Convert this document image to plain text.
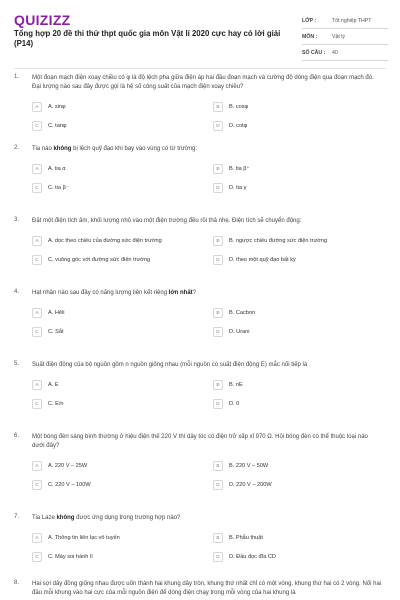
QUIZIZZ
Tổng hợp 20 đề thi thử thpt quốc gia môn Vật lí 2020 cực hay có lời giải (P14)
LỚP :	Tốt nghiệp THPT
MÔN :	Vật lý
SỐ CÂU :	40
1. Một đoạn mạch điện xoay chiều có φ là độ lệch pha giữa điện áp hai đầu đoạn mạch và cường độ dòng điện qua đoạn mạch đó. Đại lượng nào sau đây được gọi là hệ số công suất của mạch điện xoay chiều?
A	A. sinφ	B	B. cosφ
C	C. tanφ	D	D. cotφ
2. Tia nào không bị lệch quỹ đạo khi bay vào vùng có từ trường:
A	A. tia α	B	B. tia β⁺
C	C. tia β⁻	D	D. tia γ
3. Đặt một điện tích âm, khối lượng nhỏ vào một điện trường đều rồi thả nhẹ. Điện tích sẽ chuyển động:
A	A. dọc theo chiều của đường sức điện trường	B	B. ngược chiều đường sức điện trường
C	C. vuông góc với đường sức điện trường	D	D. theo một quỹ đạo bất kỳ
4. Hạt nhân nào sau đây có năng lượng liên kết riêng lớn nhất?
A	A. Hêli	B	B. Cacbon
C	C. Sắt	D	D. Urani
5. Suất điện động của bộ nguồn gồm n nguồn giống nhau (mỗi nguồn có suất điện động E) mắc nối tiếp là
A	A. E	B	B. nE
C	C. E/n	D	D. 0
6. Một bóng đèn sáng bình thường ở hiệu điện thế 220 V thì dây tóc có điện trở xấp xỉ 970 Ω. Hỏi bóng đèn có thể thuộc loại nào dưới đây?
A	A. 220 V – 25W	B	B. 220 V – 50W
C	C. 220 V – 100W	D	D. 220 V – 200W
7. Tia Laze không được ứng dụng trong trường hợp nào?
A	A. Thông tin liên lạc vô tuyến	B	B. Phẫu thuật
C	C. Máy soi hành lí	D	D. Đầu đọc đĩa CD
8. Hai sợi dây đồng giống nhau được uốn thành hai khung dây tròn, khung thứ nhất chỉ có một vòng, khung thứ hai có 2 vòng. Nối hai đầu mỗi khung vào hai cực của mỗi nguồn điện để dòng điện chạy trong mỗi vòng của hai khung là
